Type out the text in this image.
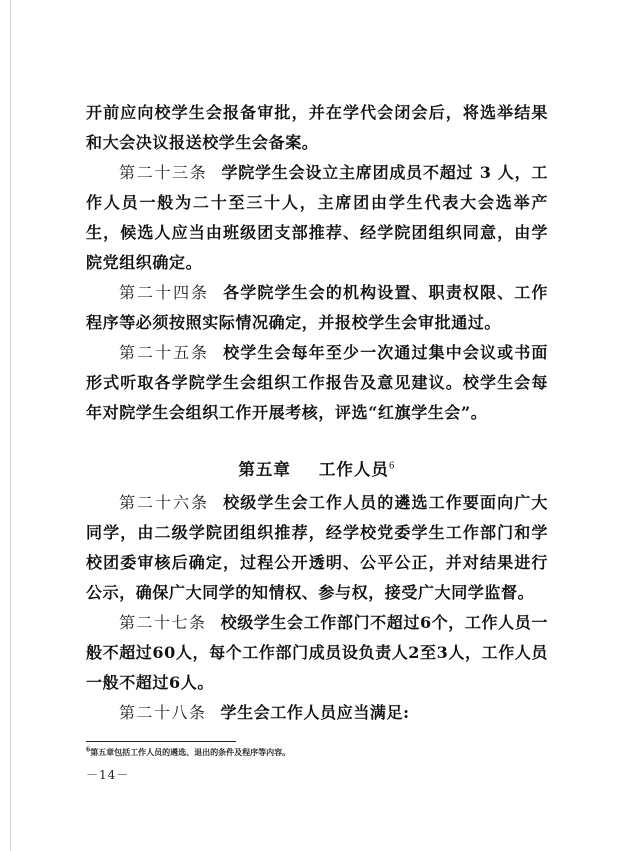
开前应向校学生会报备审批，并在学代会闭会后，将选举结果和大会决议报送校学生会备案。

第二十三条 学院学生会设立主席团成员不超过 3 人，工作人员一般为二十至三十人，主席团由学生代表大会选举产生，候选人应当由班级团支部推荐、经学院团组织同意，由学院党组织确定。

第二十四条 各学院学生会的机构设置、职责权限、工作程序等必须按照实际情况确定，并报校学生会审批通过。

第二十五条 校学生会每年至少一次通过集中会议或书面形式听取各学院学生会组织工作报告及意见建议。校学生会每年对院学生会组织工作开展考核，评选“红旗学生会”。

第五章 工作人员$^6$

第二十六条 校级学生会工作人员的遴选工作要面向广大同学，由二级学院团组织推荐，经学校党委学生工作部门和学校团委审核后确定，过程公开透明、公平公正，并对结果进行公示，确保广大同学的知情权、参与权，接受广大同学监督。

第二十七条 校级学生会工作部门不超过6个，工作人员一般不超过60人，每个工作部门成员设负责人2至3人，工作人员一般不超过6人。

第二十八条 学生会工作人员应当满足:

$^6$第五章包括工作人员的遴选、退出的条件及程序等内容。
－14－
